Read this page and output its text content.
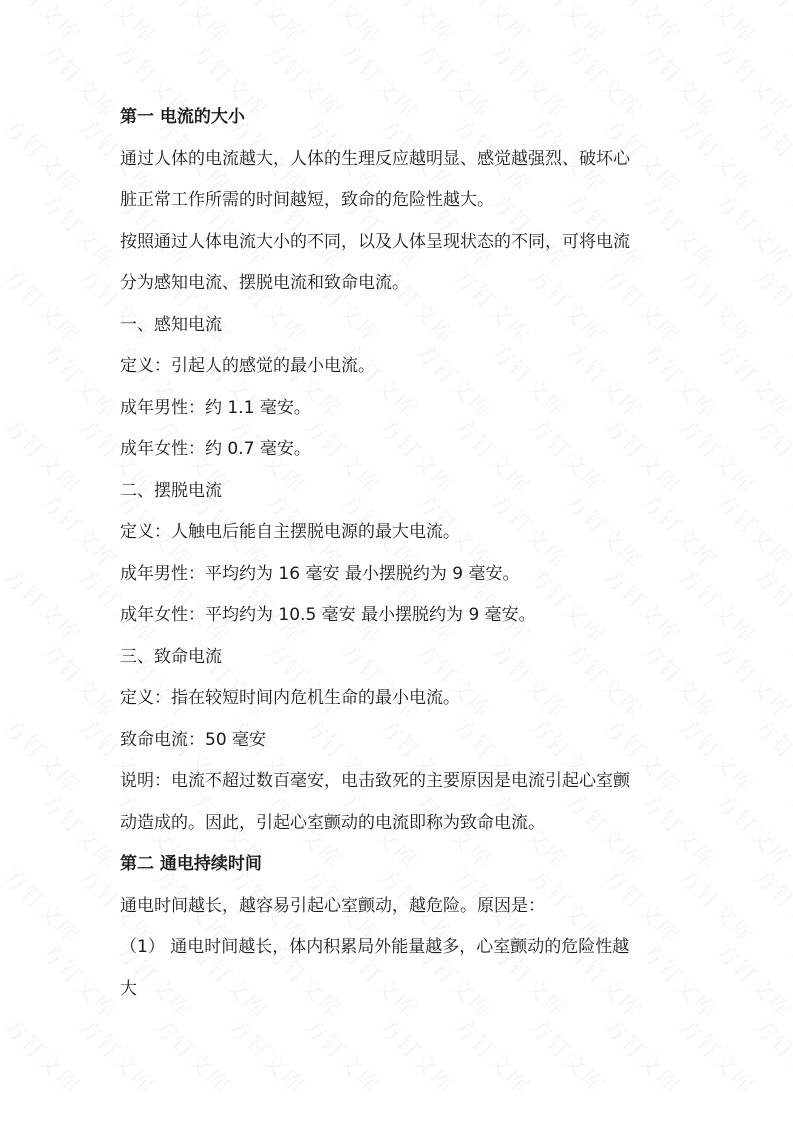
第一 电流的大小
通过人体的电流越大，人体的生理反应越明显、感觉越强烈、破坏心
脏正常工作所需的时间越短，致命的危险性越大。
按照通过人体电流大小的不同，以及人体呈现状态的不同，可将电流
分为感知电流、摆脱电流和致命电流。
一、感知电流
定义：引起人的感觉的最小电流。
成年男性：约 1.1 毫安。
成年女性：约 0.7 毫安。
二、摆脱电流
定义：人触电后能自主摆脱电源的最大电流。
成年男性：平均约为 16 毫安 最小摆脱约为 9 毫安。
成年女性：平均约为 10.5 毫安 最小摆脱约为 9 毫安。
三、致命电流
定义：指在较短时间内危机生命的最小电流。
致命电流：50 毫安
说明：电流不超过数百毫安，电击致死的主要原因是电流引起心室颤
动造成的。因此，引起心室颤动的电流即称为致命电流。
第二 通电持续时间
通电时间越长，越容易引起心室颤动，越危险。原因是：
（1） 通电时间越长，体内积累局外能量越多，心室颤动的危险性越
大
